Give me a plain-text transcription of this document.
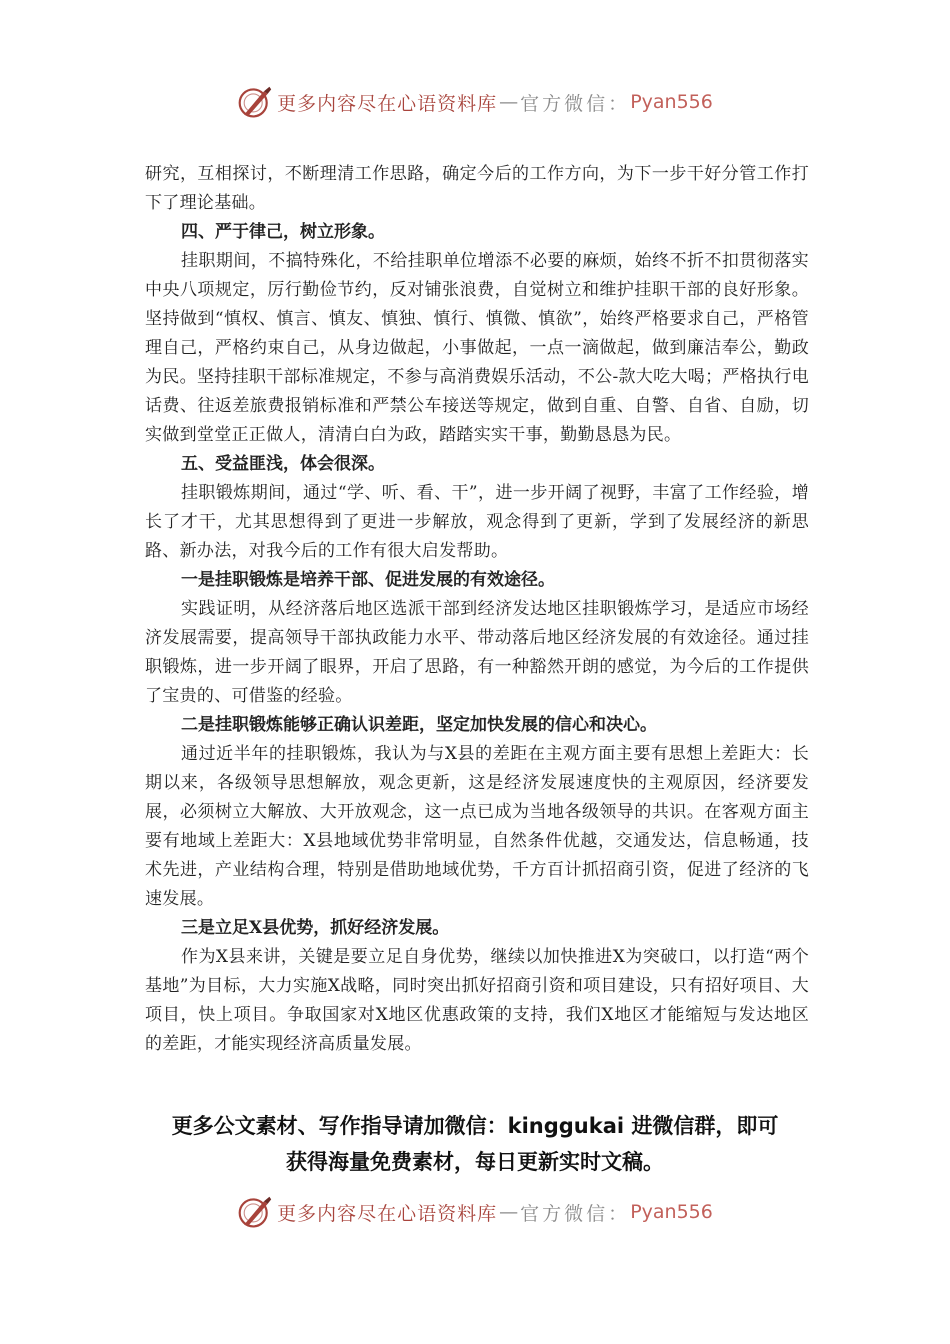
更多内容尽在心语资料库 — 官方微信： Pyan556

研究，互相探讨，不断理清工作思路，确定今后的工作方向，为下一步干好分管工作打下了理论基础。

四、严于律己，树立形象。

挂职期间，不搞特殊化，不给挂职单位增添不必要的麻烦，始终不折不扣贯彻落实中央八项规定，厉行勤俭节约，反对铺张浪费，自觉树立和维护挂职干部的良好形象。坚持做到“慎权、慎言、慎友、慎独、慎行、慎微、慎欲”，始终严格要求自己，严格管理自己，严格约束自己，从身边做起，小事做起，一点一滴做起，做到廉洁奉公，勤政为民。坚持挂职干部标准规定，不参与高消费娱乐活动，不公-款大吃大喝；严格执行电话费、往返差旅费报销标准和严禁公车接送等规定，做到自重、自警、自省、自励，切实做到堂堂正正做人，清清白白为政，踏踏实实干事，勤勤恳恳为民。

五、受益匪浅，体会很深。

挂职锻炼期间，通过“学、听、看、干”，进一步开阔了视野，丰富了工作经验，增长了才干，尤其思想得到了更进一步解放，观念得到了更新，学到了发展经济的新思路、新办法，对我今后的工作有很大启发帮助。

一是挂职锻炼是培养干部、促进发展的有效途径。

实践证明，从经济落后地区选派干部到经济发达地区挂职锻炼学习，是适应市场经济发展需要，提高领导干部执政能力水平、带动落后地区经济发展的有效途径。通过挂职锻炼，进一步开阔了眼界，开启了思路，有一种豁然开朗的感觉，为今后的工作提供了宝贵的、可借鉴的经验。

二是挂职锻炼能够正确认识差距，坚定加快发展的信心和决心。

通过近半年的挂职锻炼，我认为与X县的差距在主观方面主要有思想上差距大：长期以来，各级领导思想解放，观念更新，这是经济发展速度快的主观原因，经济要发展，必须树立大解放、大开放观念，这一点已成为当地各级领导的共识。在客观方面主要有地域上差距大：X县地域优势非常明显，自然条件优越，交通发达，信息畅通，技术先进，产业结构合理，特别是借助地域优势，千方百计抓招商引资，促进了经济的飞速发展。

三是立足X县优势，抓好经济发展。

作为X县来讲，关键是要立足自身优势，继续以加快推进X为突破口，以打造“两个基地”为目标，大力实施X战略，同时突出抓好招商引资和项目建设，只有招好项目、大项目，快上项目。争取国家对X地区优惠政策的支持，我们X地区才能缩短与发达地区的差距，才能实现经济高质量发展。

更多公文素材、写作指导请加微信：kinggukai 进微信群，即可
获得海量免费素材，每日更新实时文稿。
更多内容尽在心语资料库 — 官方微信： Pyan556
